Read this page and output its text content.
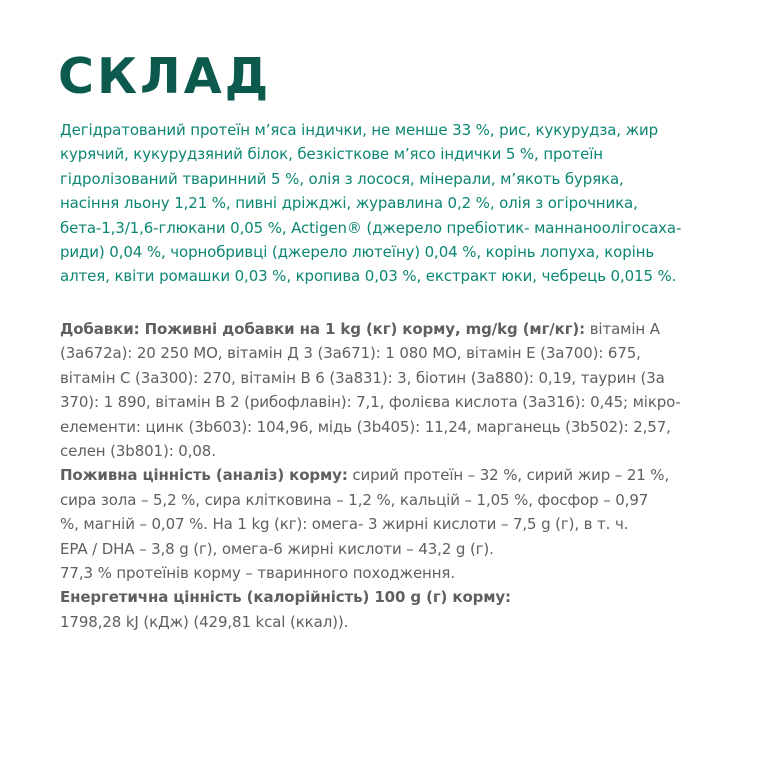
СКЛАД

Дегідратований протеїн м’яса індички, не менше 33 %, рис, кукурудза, жир
курячий, кукурудзяний білок, безкісткове м’ясо індички 5 %, протеїн
гідролізований тваринний 5 %, олія з лосося, мінерали, м’якоть буряка,
насіння льону 1,21 %, пивні дріжджі, журавлина 0,2 %, олія з огірочника,
бета-1,3/1,6-глюкани 0,05 %, Actigen® (джерело пребіотик- маннаноолігосаха-
риди) 0,04 %, чорнобривці (джерело лютеїну) 0,04 %, корінь лопуха, корінь
алтея, квіти ромашки 0,03 %, кропива 0,03 %, екстракт юки, чебрець 0,015 %.

Добавки: Поживні добавки на 1 kg (кг) корму, mg/kg (мг/кг): вітамін A
(3a672a): 20 250 МО, вітамін Д 3 (3a671): 1 080 МО, вітамін E (3a700): 675,
вітамін С (3a300): 270, вітамін B 6 (3a831): 3, біотин (3a880): 0,19, таурин (3a
370): 1 890, вітамін B 2 (рибофлавін): 7,1, фолієва кислота (3a316): 0,45; мікро-
елементи: цинк (3b603): 104,96, мідь (3b405): 11,24, марганець (3b502): 2,57,
селен (3b801): 0,08.
Поживна цінність (аналіз) корму: сирий протеїн – 32 %, сирий жир – 21 %,
сира зола – 5,2 %, сира клітковина – 1,2 %, кальцій – 1,05 %, фосфор – 0,97
%, магній – 0,07 %. На 1 kg (кг): омега- 3 жирні кислоти – 7,5 g (г), в т. ч.
EPA / DHA – 3,8 g (г), омега-6 жирні кислоти – 43,2 g (г).
77,3 % протеїнів корму – тваринного походження.
Енергетична цінність (калорійність) 100 g (г) корму:
1798,28 kJ (кДж) (429,81 kcal (ккал)).
